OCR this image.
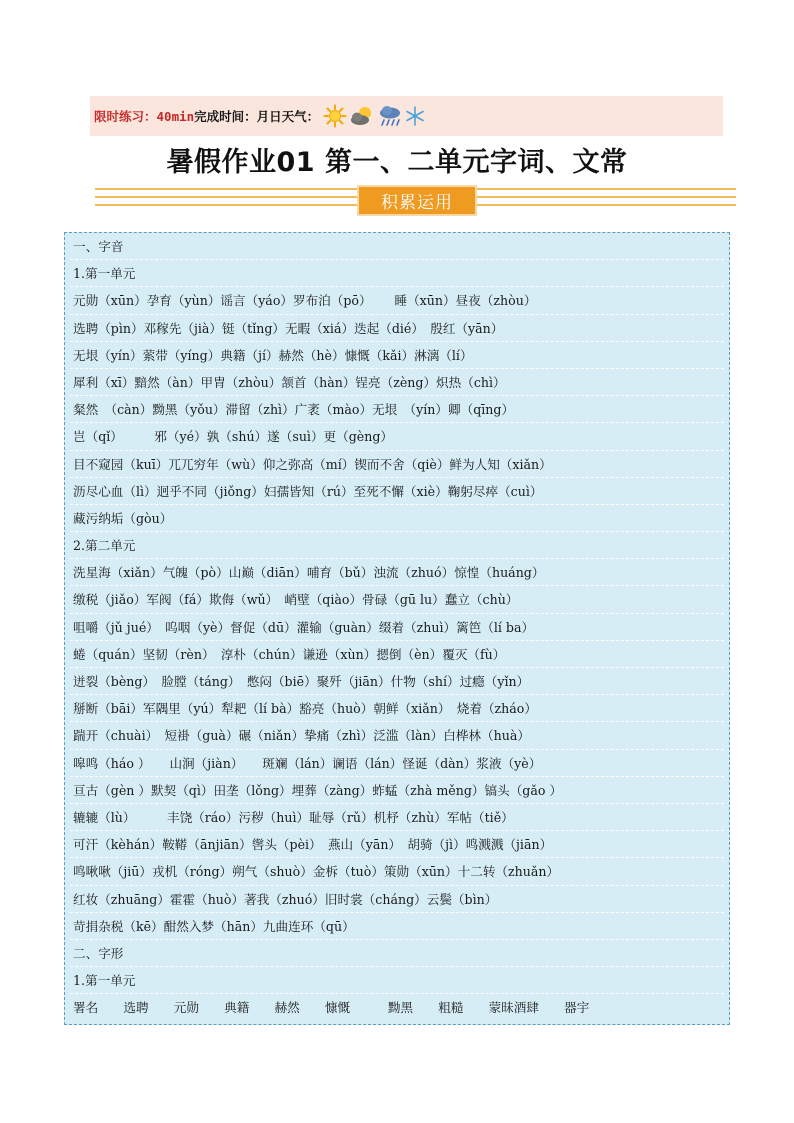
限时练习：40min完成时间：月日天气：
暑假作业01 第一、二单元字词、文常
积累运用
一、字音
1.第一单元
元勋（xūn）孕育（yùn）谣言（yáo）罗布泊（pō）　　 睡（xūn）昼夜（zhòu）
选聘（pìn）邓稼先（jià）铤（tǐng）无暇（xiá）迭起（dié）　殷红（yān）
无垠（yín）萦带（yíng）典籍（jí）赫然（hè）慷慨（kǎi）淋漓（lí）
犀利（xī）黯然（àn）甲胄（zhòu）颔首（hàn）锃亮（zèng）炽热（chì）
粲然　（càn）黝黑（yǒu）滞留（zhì）广袤（mào）无垠　（yín）卿（qīng）
岂（qǐ）　　　邪（yé）孰（shú）遂（suì）更（gèng）
目不窥园（kuī）兀兀穷年（wù）仰之弥高（mí）锲而不舍（qiè）鲜为人知（xiǎn）
沥尽心血（lì）迥乎不同（jiǒng）妇孺皆知（rú）至死不懈（xiè）鞠躬尽瘁（cuì）
藏污纳垢（gòu）
2.第二单元
洗星海（xiǎn）气魄（pò）山巅（diān）哺育（bǔ）浊流（zhuó）惊惶（huáng）
缴税（jiǎo）军阀（fá）欺侮（wǔ）　峭壁（qiào）骨碌（gū lu）蠢立（chù）
咀嚼（jǔ jué）　呜咽（yè）督促（dū）灌输（guàn）缀着（zhuì）篱笆（lí ba）
蜷（quán）坚韧（rèn）　淳朴（chún）谦逊（xùn）摁倒（èn）覆灭（fù）
迸裂（bèng）　脸膛（táng）　憋闷（biē）聚歼（jiān）什物（shí）过瘾（yǐn）
掰断（bāi）军隅里（yú）犁耙（lí bà）豁亮（huò）朝鲜（xiǎn）　烧着（zháo）
踹开（chuài）　短褂（guà）碾（niǎn）挚痛（zhì）泛滥（làn）白桦林（huà）
嗥鸣（háo ）　　山涧（jiàn）　　斑斓（lán）谰语（lán）怪诞（dàn）浆液（yè）
亘古（gèn ）默契（qì）田垄（lǒng）埋葬（zàng）蚱蜢（zhà měng）镐头（gǎo ）
辘辘（lù）　　　丰饶（ráo）污秽（huì）耻辱（rǔ）机杼（zhù）军帖（tiě）
可汗（kèhán）鞍鞯（ānjiān）辔头（pèi）　燕山（yān）　胡骑（jì）鸣溅溅（jiān）
鸣啾啾（jiū）戎机（róng）朔气（shuò）金柝（tuò）策勋（xūn）十二转（zhuǎn）
红妆（zhuāng）霍霍（huò）著我（zhuó）旧时裳（cháng）云鬓（bìn）
苛捐杂税（kē）酣然入梦（hān）九曲连环（qū）
二、字形
1.第一单元
署名　　选聘　　元勋　　典籍　　赫然　　慷慨　　　黝黑　　粗糙　　蒙昧酒肆　　器宇
